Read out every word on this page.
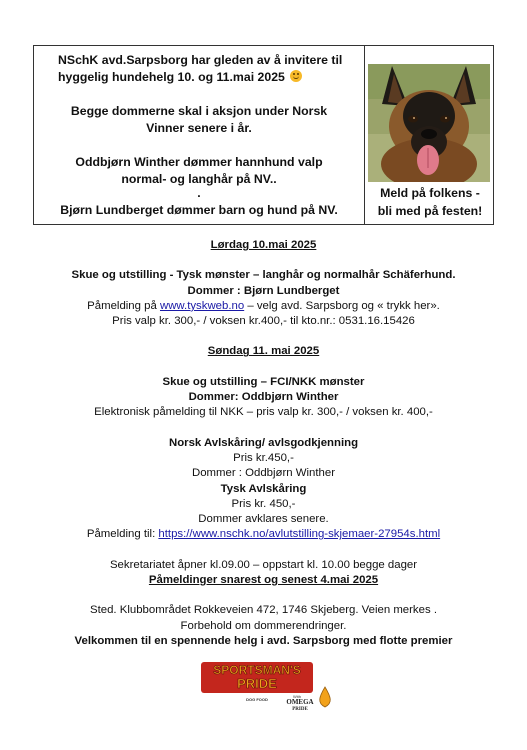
NSchK avd.Sarpsborg har gleden av å invitere til
hyggelig hundehelg 10. og 11.mai 2025
Begge dommerne skal i aksjon under Norsk
Vinner senere i år.
Oddbjørn Winther dømmer hannhund valp
normal- og langhår på NV..
.
Bjørn Lundberget dømmer barn og hund på NV.
Meld på folkens -
bli med på festen!
Lørdag 10.mai 2025
Skue og utstilling - Tysk mønster – langhår og normalhår Schäferhund.
Dommer : Bjørn Lundberget
Påmelding på www.tyskweb.no – velg avd. Sarpsborg og « trykk her».
Pris valp kr. 300,- / voksen kr.400,- til kto.nr.: 0531.16.15426
Søndag 11. mai 2025
Skue og utstilling – FCI/NKK mønster
Dommer: Oddbjørn Winther
Elektronisk påmelding til NKK – pris valp kr. 300,- / voksen kr. 400,-
Norsk Avlskåring/ avlsgodkjenning
Pris kr.450,-
Dommer : Oddbjørn Winther
Tysk Avlskåring
Pris kr. 450,-
Dommer avklares senere.
Påmelding til: https://www.nschk.no/avlutstilling-skjemaer-27954s.html
Sekretariatet åpner kl.09.00 – oppstart kl. 10.00 begge dager
Påmeldinger snarest og senest 4.mai 2025
Sted. Klubbområdet Rokkeveien 472, 1746 Skjeberg. Veien merkes .
Forbehold om dommerendringer.
Velkommen til en spennende helg i avd. Sarpsborg med flotte premier
SPORTSMAN'S
PRIDE
DOG FOOD
With
OMEGA
PRIDE
